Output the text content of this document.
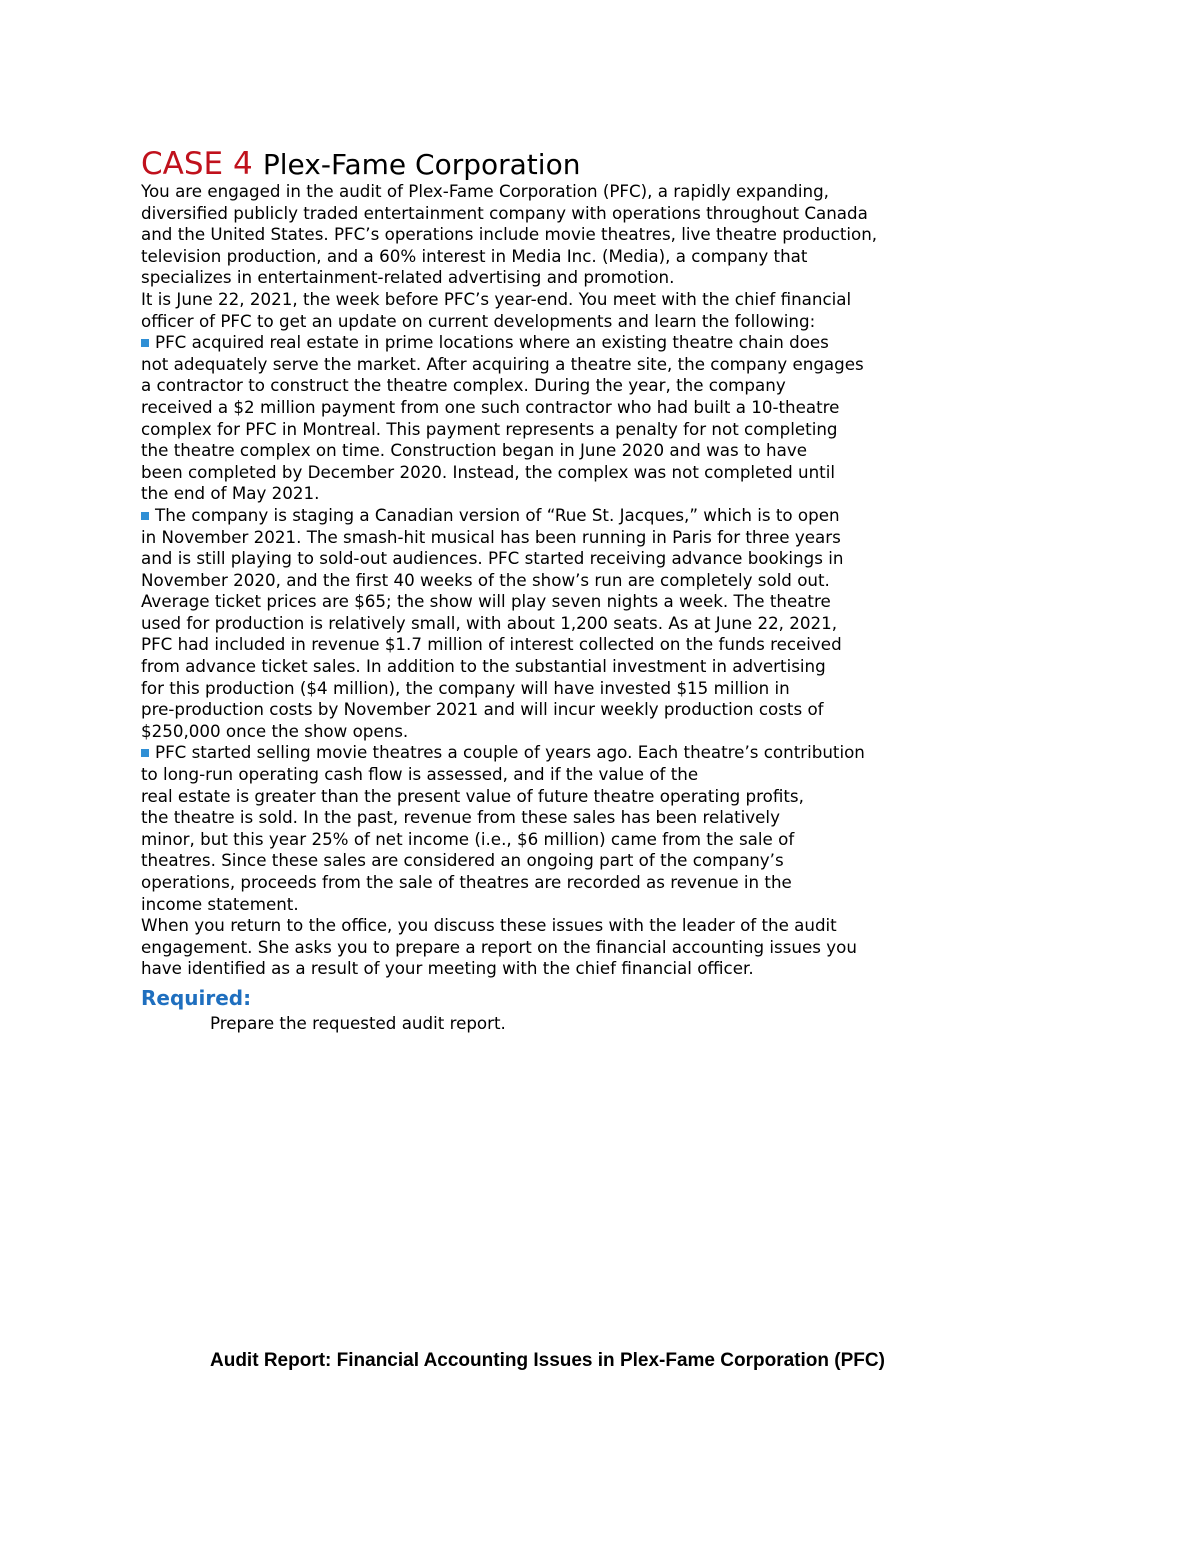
CASE 4 Plex-Fame Corporation
You are engaged in the audit of Plex-Fame Corporation (PFC), a rapidly expanding,
diversified publicly traded entertainment company with operations throughout Canada
and the United States. PFC’s operations include movie theatres, live theatre production,
television production, and a 60% interest in Media Inc. (Media), a company that
specializes in entertainment-related advertising and promotion.
It is June 22, 2021, the week before PFC’s year-end. You meet with the chief financial
officer of PFC to get an update on current developments and learn the following:
PFC acquired real estate in prime locations where an existing theatre chain does
not adequately serve the market. After acquiring a theatre site, the company engages
a contractor to construct the theatre complex. During the year, the company
received a $2 million payment from one such contractor who had built a 10-theatre
complex for PFC in Montreal. This payment represents a penalty for not completing
the theatre complex on time. Construction began in June 2020 and was to have
been completed by December 2020. Instead, the complex was not completed until
the end of May 2021.
The company is staging a Canadian version of “Rue St. Jacques,” which is to open
in November 2021. The smash-hit musical has been running in Paris for three years
and is still playing to sold-out audiences. PFC started receiving advance bookings in
November 2020, and the first 40 weeks of the show’s run are completely sold out.
Average ticket prices are $65; the show will play seven nights a week. The theatre
used for production is relatively small, with about 1,200 seats. As at June 22, 2021,
PFC had included in revenue $1.7 million of interest collected on the funds received
from advance ticket sales. In addition to the substantial investment in advertising
for this production ($4 million), the company will have invested $15 million in
pre-production costs by November 2021 and will incur weekly production costs of
$250,000 once the show opens.
PFC started selling movie theatres a couple of years ago. Each theatre’s contribution
to long-run operating cash flow is assessed, and if the value of the
real estate is greater than the present value of future theatre operating profits,
the theatre is sold. In the past, revenue from these sales has been relatively
minor, but this year 25% of net income (i.e., $6 million) came from the sale of
theatres. Since these sales are considered an ongoing part of the company’s
operations, proceeds from the sale of theatres are recorded as revenue in the
income statement.
When you return to the office, you discuss these issues with the leader of the audit
engagement. She asks you to prepare a report on the financial accounting issues you
have identified as a result of your meeting with the chief financial officer.
Required:
Prepare the requested audit report.
Audit Report: Financial Accounting Issues in Plex-Fame Corporation (PFC)
